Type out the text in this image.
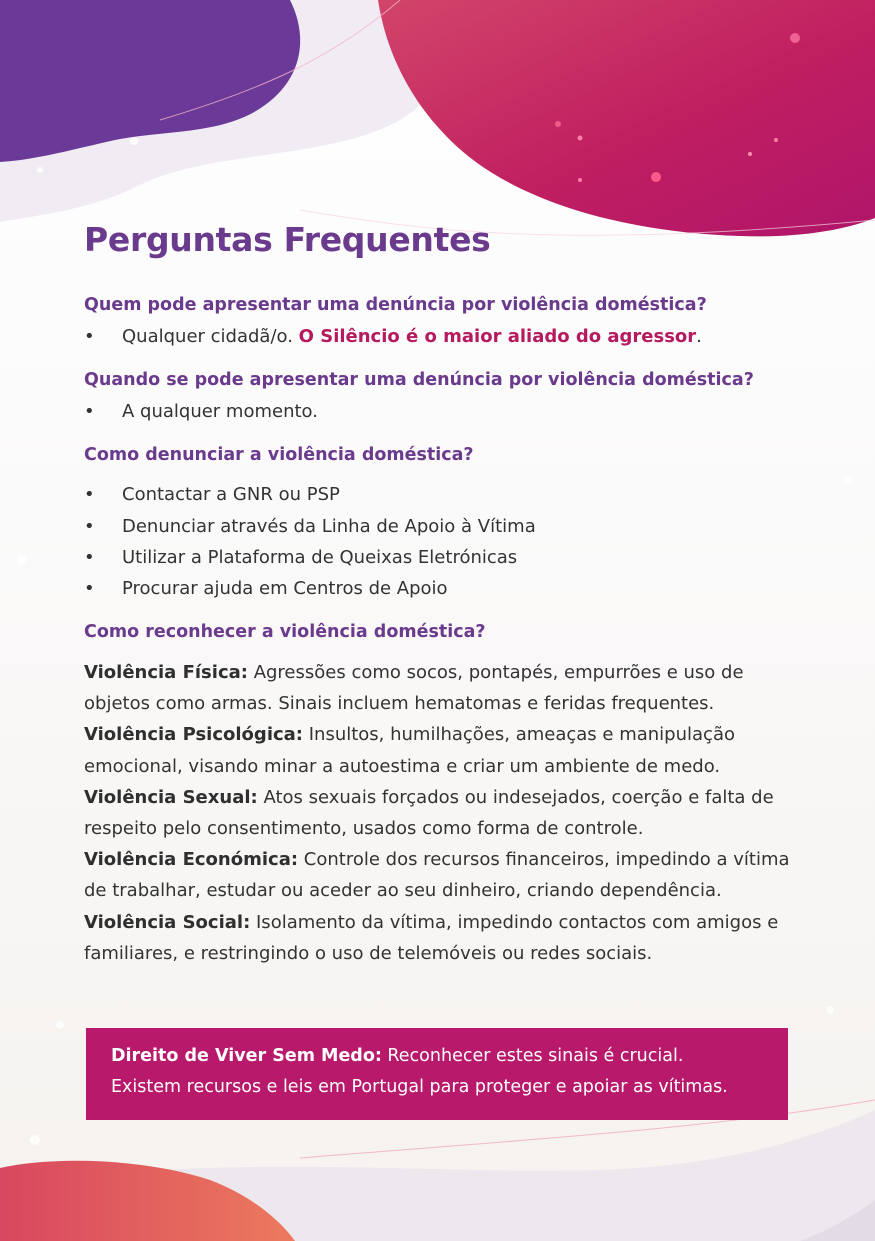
Perguntas Frequentes
Quem pode apresentar uma denúncia por violência doméstica?
• Qualquer cidadã/o. O Silêncio é o maior aliado do agressor.
Quando se pode apresentar uma denúncia por violência doméstica?
• A qualquer momento.
Como denunciar a violência doméstica?
• Contactar a GNR ou PSP
• Denunciar através da Linha de Apoio à Vítima
• Utilizar a Plataforma de Queixas Eletrónicas
• Procurar ajuda em Centros de Apoio
Como reconhecer a violência doméstica?

Violência Física: Agressões como socos, pontapés, empurrões e uso de objetos como armas. Sinais incluem hematomas e feridas frequentes.
Violência Psicológica: Insultos, humilhações, ameaças e manipulação emocional, visando minar a autoestima e criar um ambiente de medo.
Violência Sexual: Atos sexuais forçados ou indesejados, coerção e falta de respeito pelo consentimento, usados como forma de controle.
Violência Económica: Controle dos recursos financeiros, impedindo a vítima de trabalhar, estudar ou aceder ao seu dinheiro, criando dependência.
Violência Social: Isolamento da vítima, impedindo contactos com amigos e familiares, e restringindo o uso de telemóveis ou redes sociais.

Direito de Viver Sem Medo: Reconhecer estes sinais é crucial.
Existem recursos e leis em Portugal para proteger e apoiar as vítimas.
